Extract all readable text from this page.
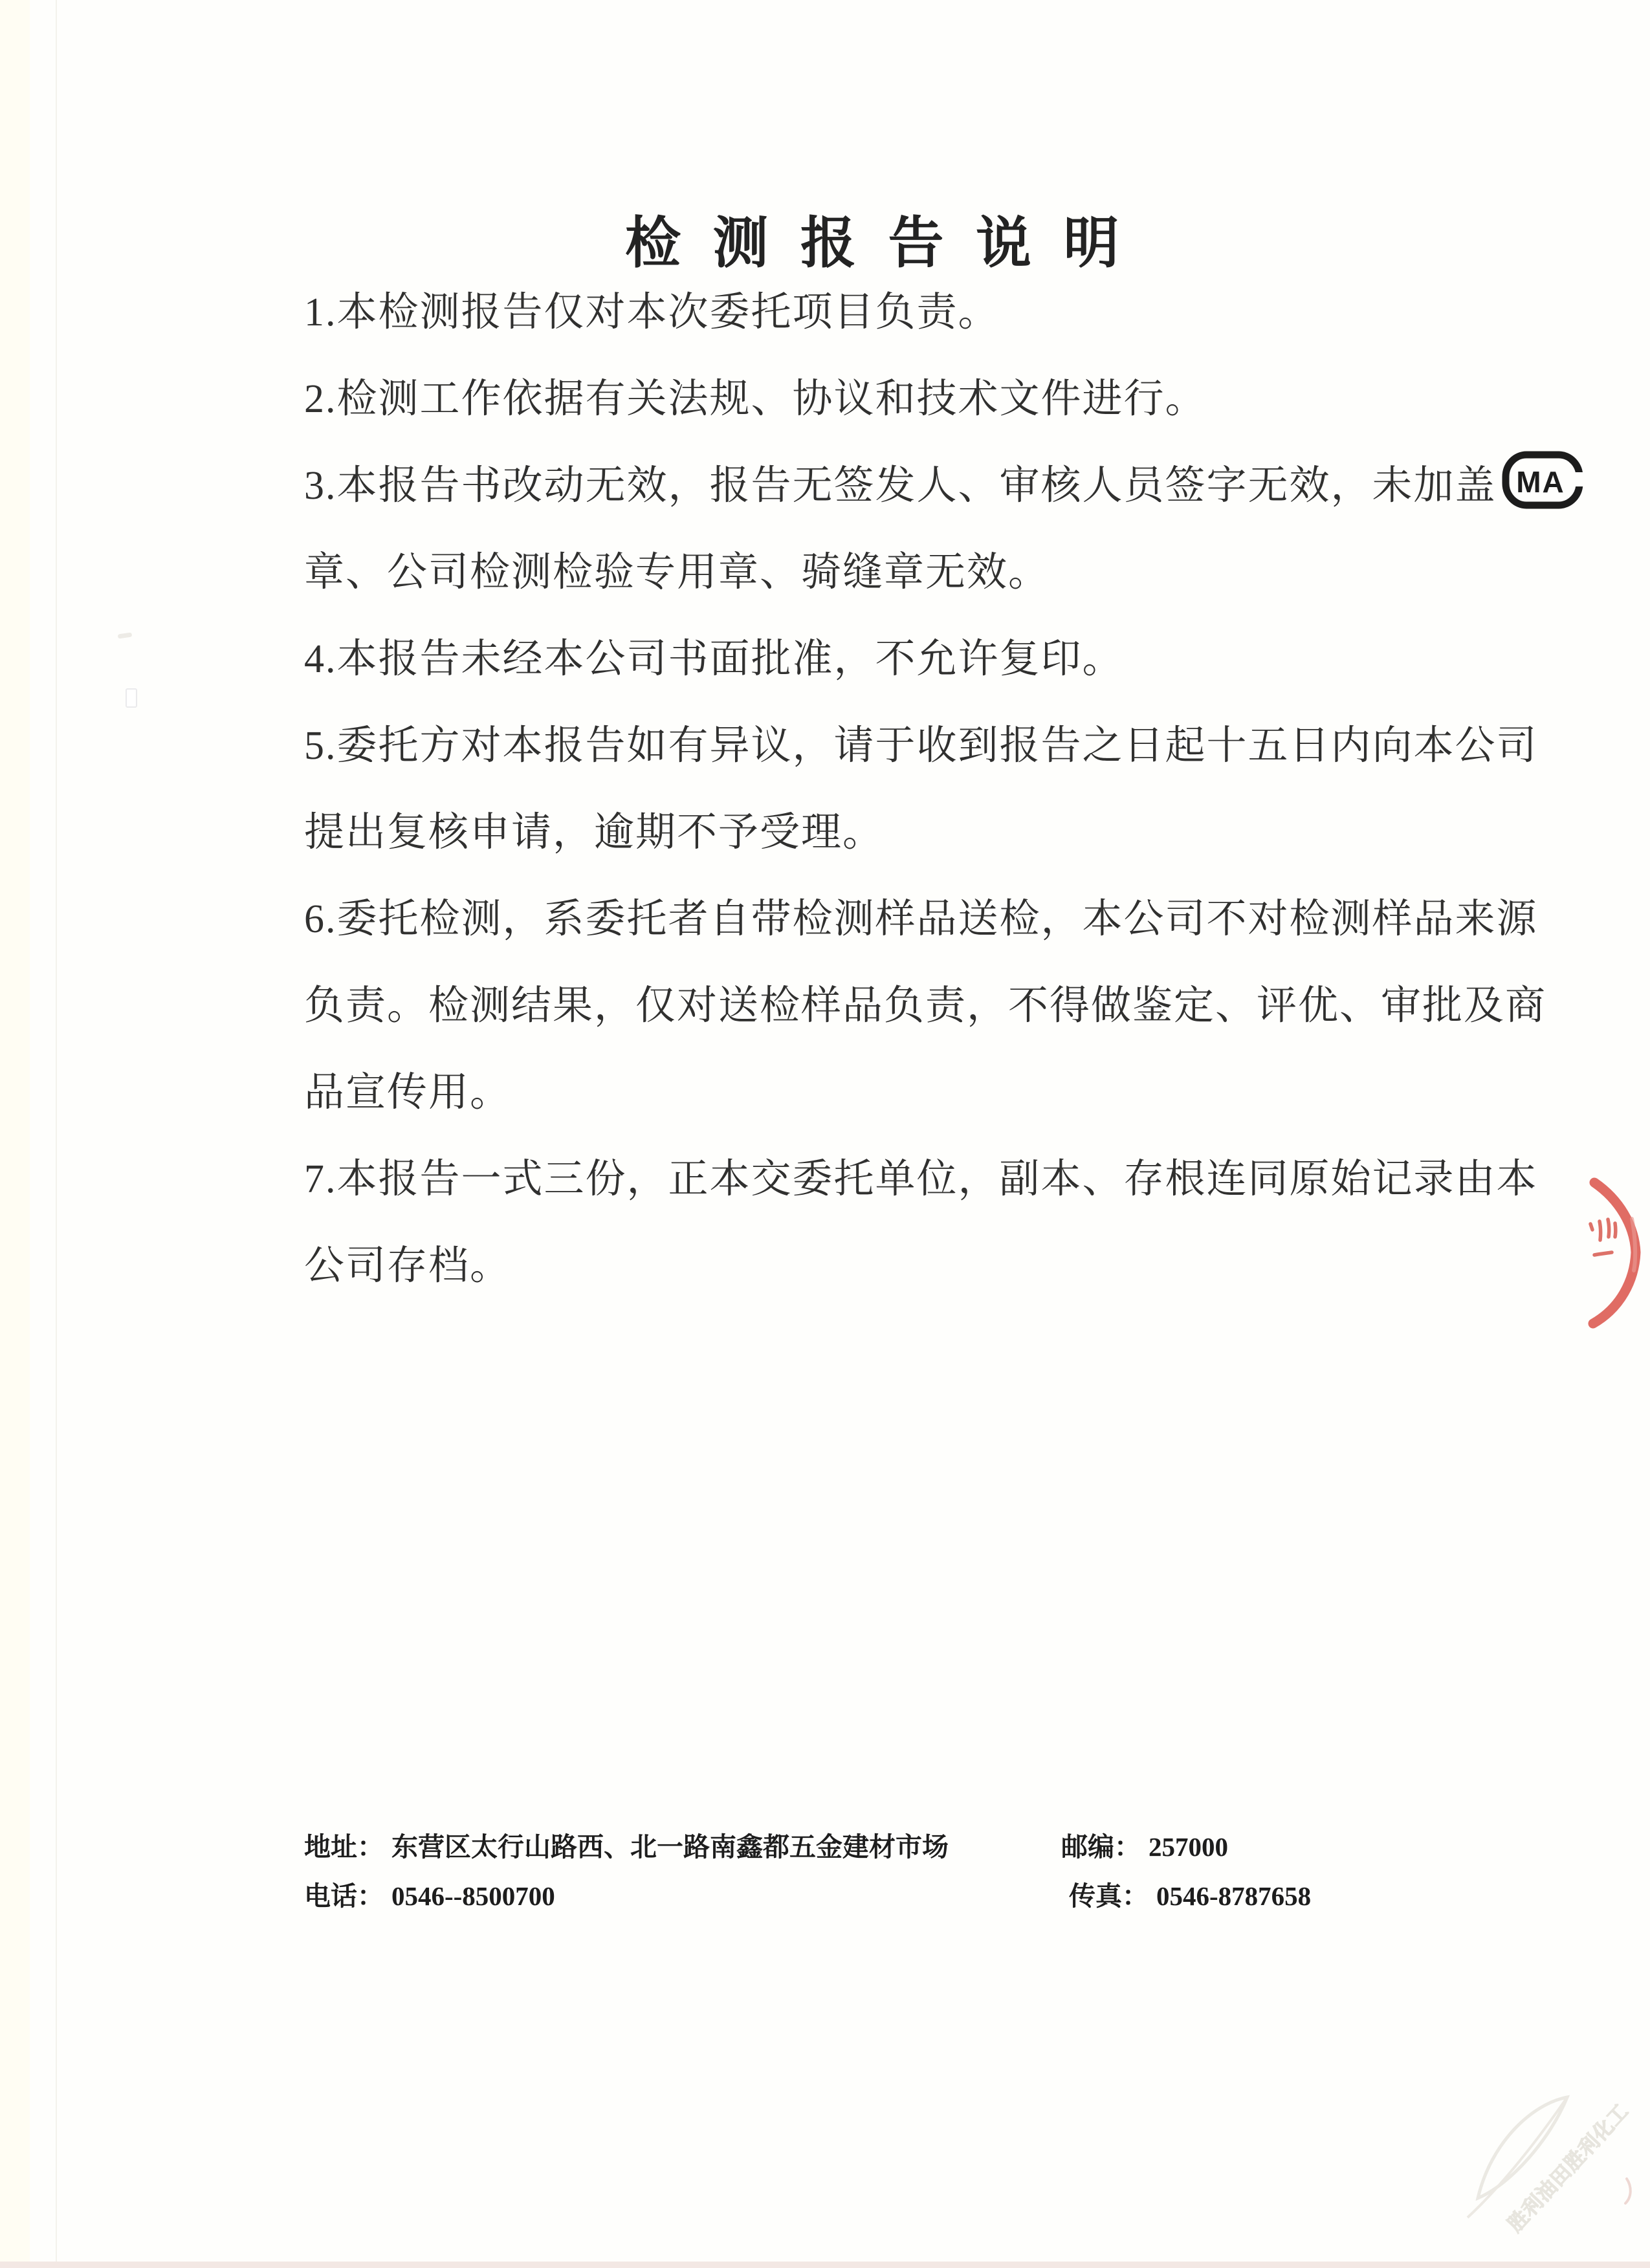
检 测 报 告 说 明
1.本检测报告仅对本次委托项目负责。
2.检测工作依据有关法规、协议和技术文件进行。
3.本报告书改动无效，报告无签发人、审核人员签字无效，未加盖 MA
章、公司检测检验专用章、骑缝章无效。
4.本报告未经本公司书面批准，不允许复印。
5.委托方对本报告如有异议，请于收到报告之日起十五日内向本公司
提出复核申请，逾期不予受理。
6.委托检测，系委托者自带检测样品送检，本公司不对检测样品来源
负责。检测结果，仅对送检样品负责，不得做鉴定、评优、审批及商
品宣传用。
7.本报告一式三份，正本交委托单位，副本、存根连同原始记录由本
公司存档。
地址： 东营区太行山路西、北一路南鑫都五金建材市场	邮编： 257000
电话： 0546--8500700	传真： 0546-8787658
胜利油田胜利化工
